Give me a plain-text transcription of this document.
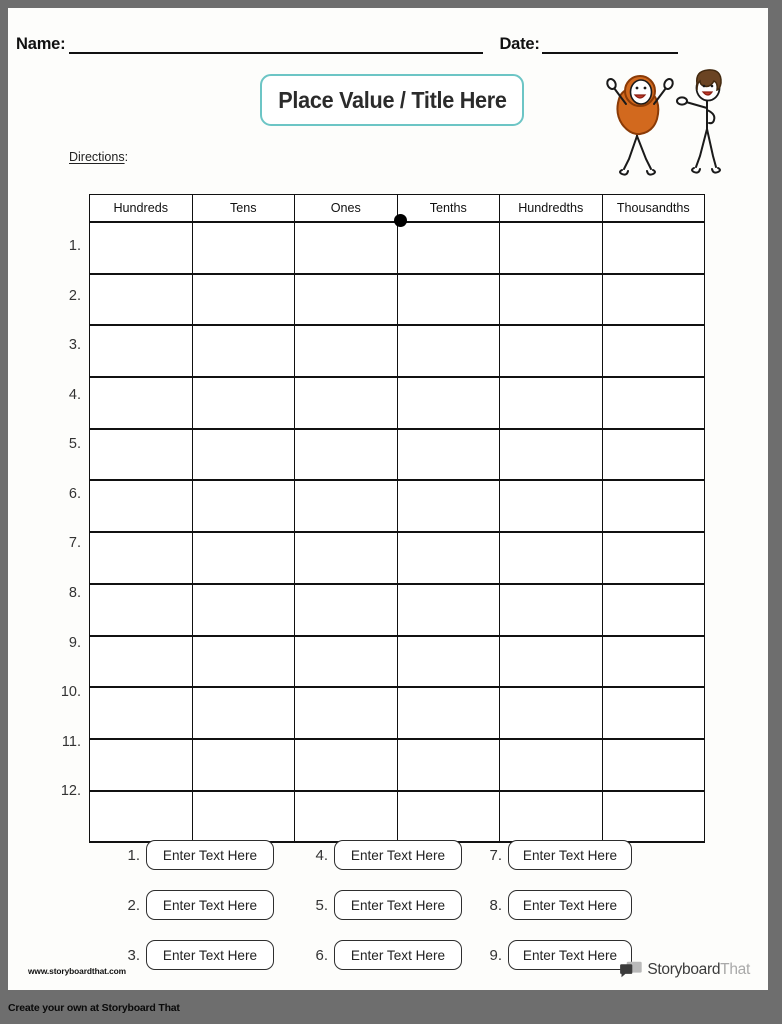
Name:	Date:
Place Value / Title Here
Directions:
Hundreds	Tens	Ones	Tenths	Hundredths	Thousandths

1.
2.
3.
4.
5.
6.
7.
8.
9.
10.
11.
12.
1. Enter Text Here
2. Enter Text Here
3. Enter Text Here
4. Enter Text Here
5. Enter Text Here
6. Enter Text Here
7. Enter Text Here
8. Enter Text Here
9. Enter Text Here
www.storyboardthat.com	StoryboardThat
Create your own at Storyboard That
